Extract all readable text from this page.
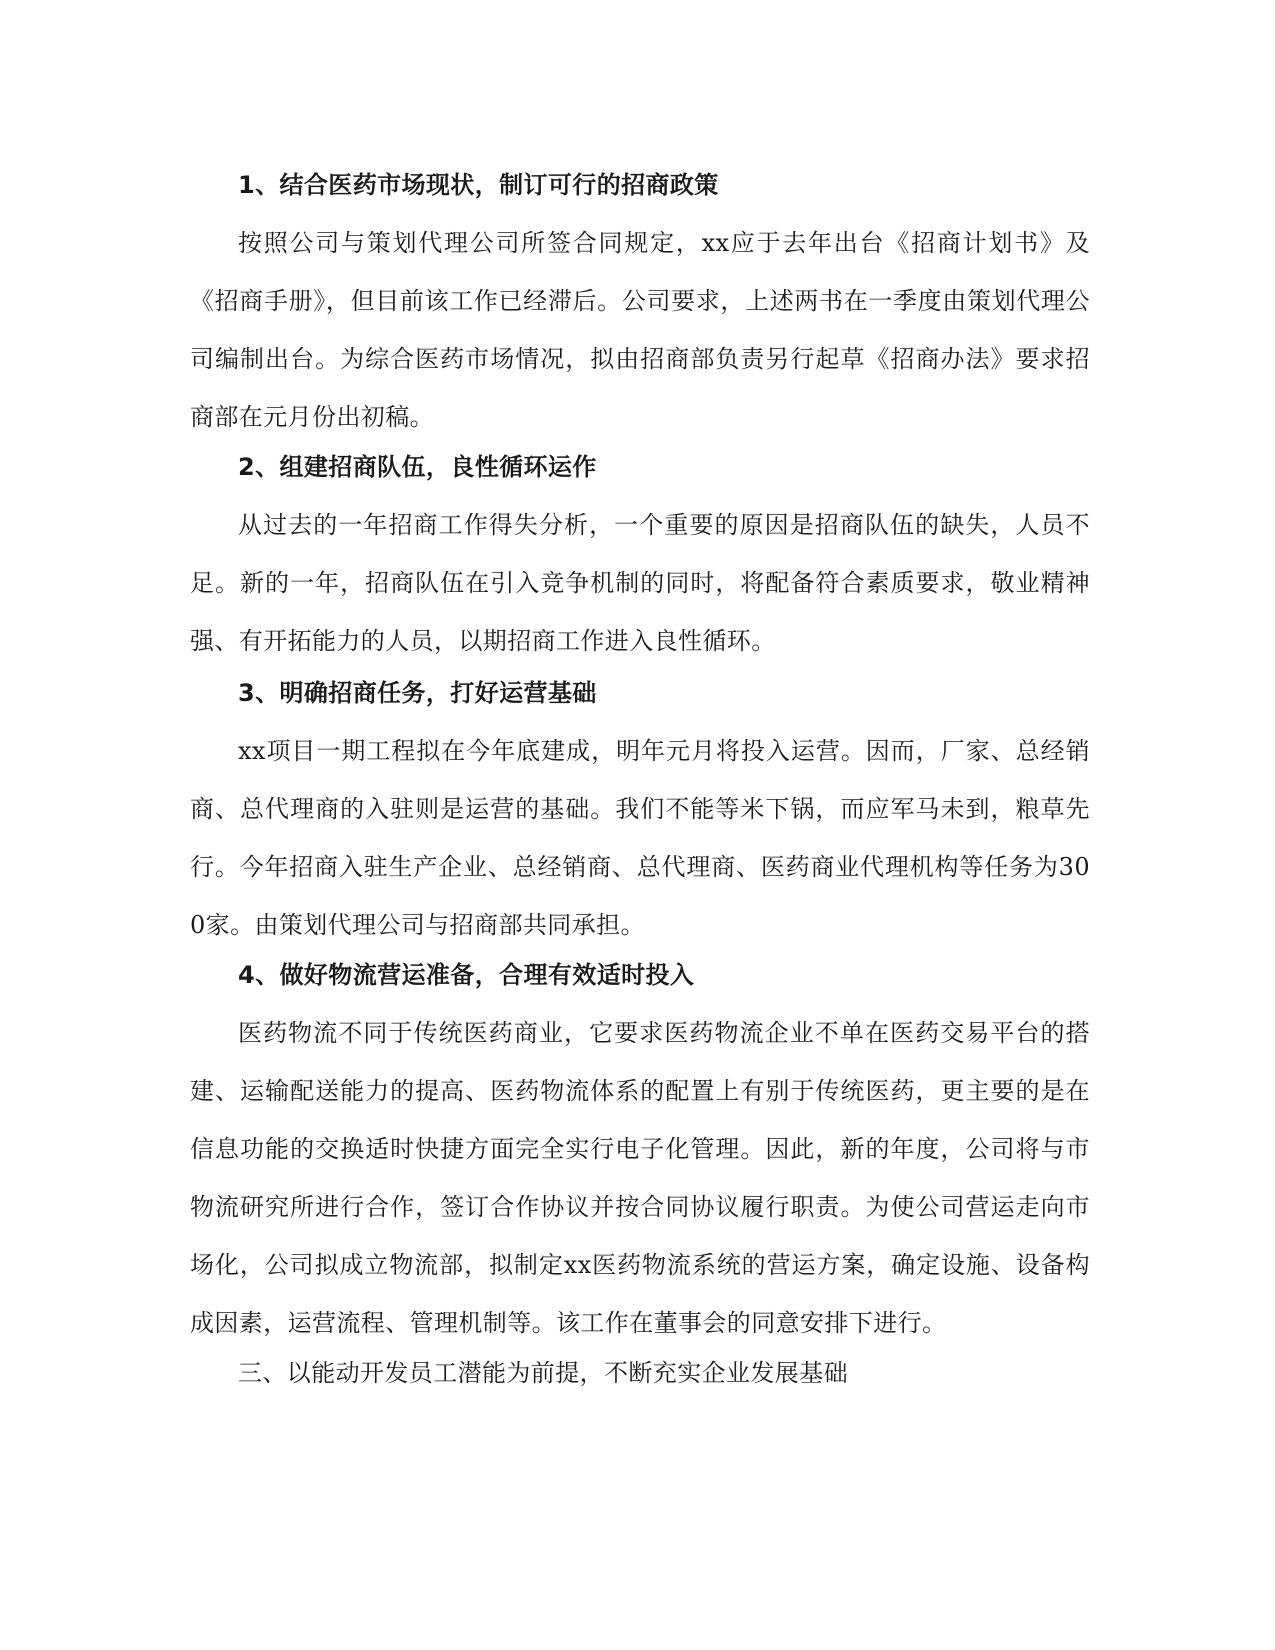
1、结合医药市场现状，制订可行的招商政策

按照公司与策划代理公司所签合同规定，xx应于去年出台《招商计划书》及《招商手册》，但目前该工作已经滞后。公司要求，上述两书在一季度由策划代理公司编制出台。为综合医药市场情况，拟由招商部负责另行起草《招商办法》要求招商部在元月份出初稿。

2、组建招商队伍，良性循环运作

从过去的一年招商工作得失分析，一个重要的原因是招商队伍的缺失，人员不足。新的一年，招商队伍在引入竞争机制的同时，将配备符合素质要求，敬业精神强、有开拓能力的人员，以期招商工作进入良性循环。

3、明确招商任务，打好运营基础

xx项目一期工程拟在今年底建成，明年元月将投入运营。因而，厂家、总经销商、总代理商的入驻则是运营的基础。我们不能等米下锅，而应军马未到，粮草先行。今年招商入驻生产企业、总经销商、总代理商、医药商业代理机构等任务为300家。由策划代理公司与招商部共同承担。

4、做好物流营运准备，合理有效适时投入

医药物流不同于传统医药商业，它要求医药物流企业不单在医药交易平台的搭建、运输配送能力的提高、医药物流体系的配置上有别于传统医药，更主要的是在信息功能的交换适时快捷方面完全实行电子化管理。因此，新的年度，公司将与市物流研究所进行合作，签订合作协议并按合同协议履行职责。为使公司营运走向市场化，公司拟成立物流部，拟制定xx医药物流系统的营运方案，确定设施、设备构成因素，运营流程、管理机制等。该工作在董事会的同意安排下进行。

三、以能动开发员工潜能为前提，不断充实企业发展基础
